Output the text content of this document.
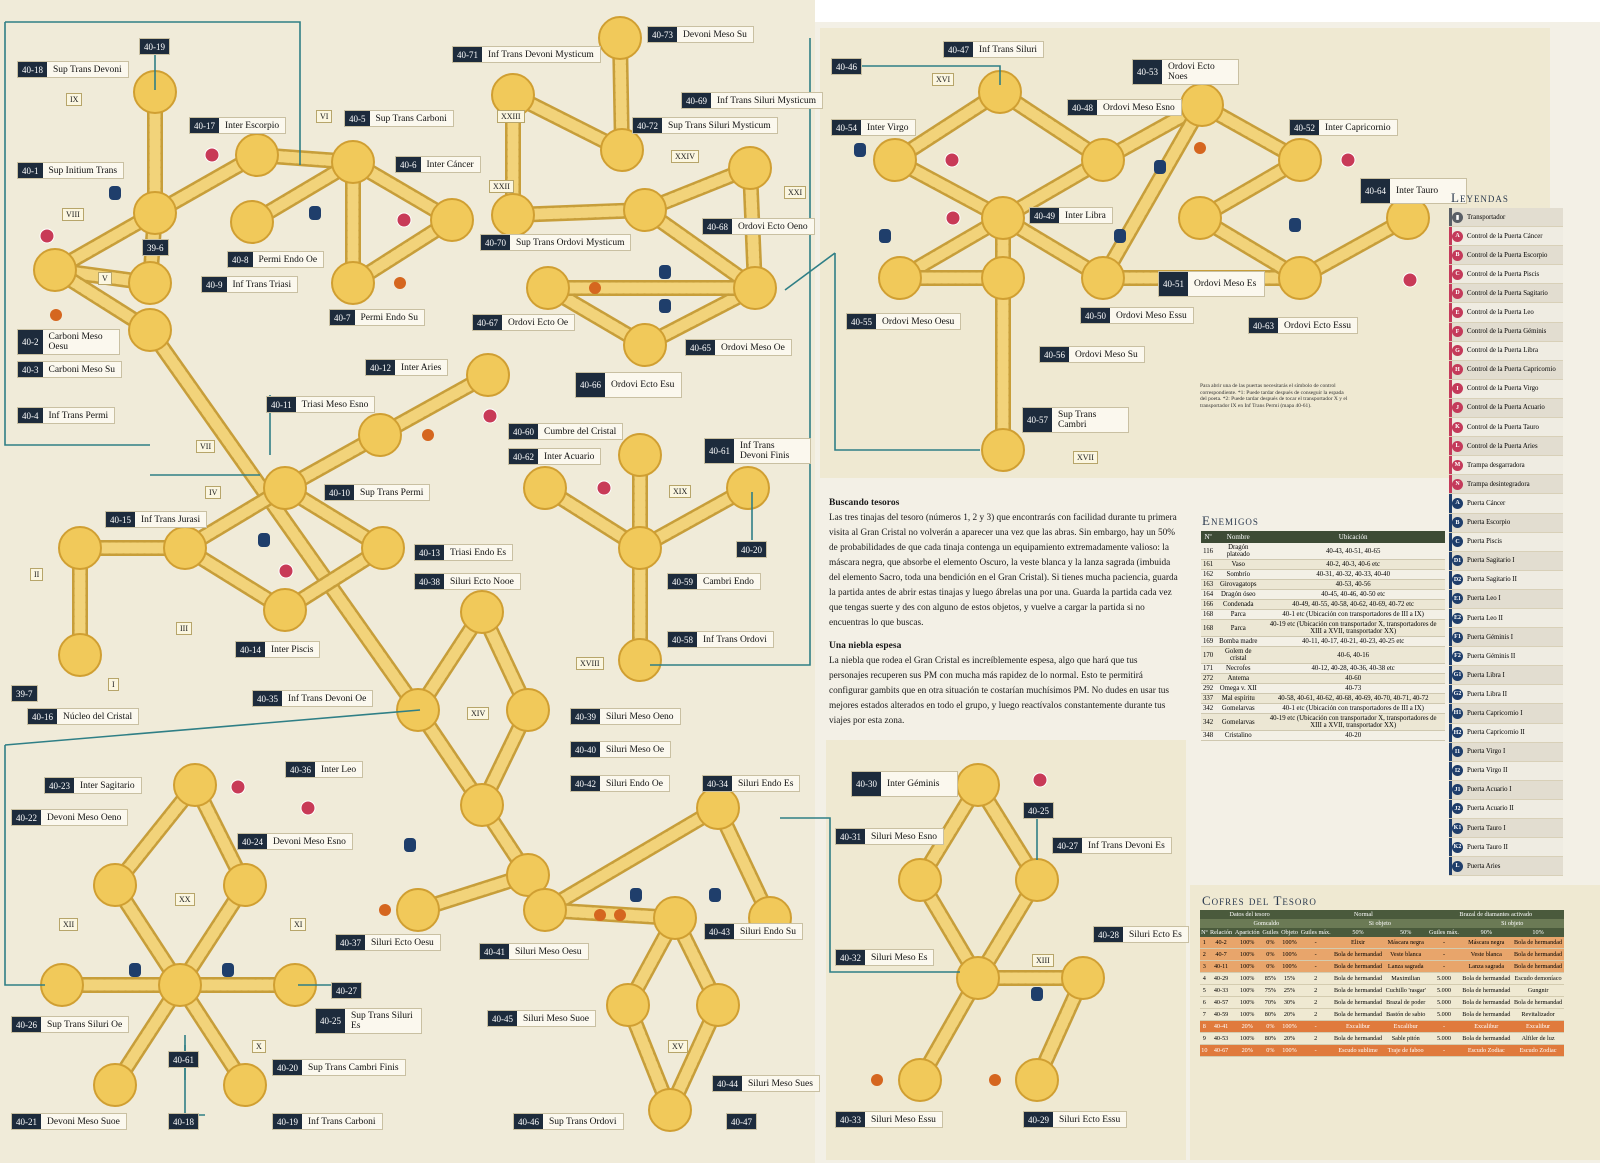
40-18	Sup Trans Devoni
40-19
40-17	Inter Escorpio
40-1	Sup Initium Trans
39-6
40-8	Permi Endo Oe
40-9	Inf Trans Triasi
40-2	Carboni Meso Oesu
40-3	Carboni Meso Su
40-4	Inf Trans Permi
40-5	Sup Trans Carboni
40-6	Inter Cáncer
40-7	Permi Endo Su
40-71	Inf Trans Devoni Mysticum
40-73	Devoni Meso Su
40-69	Inf Trans Siluri Mysticum
40-72	Sup Trans Siluri Mysticum
40-70	Sup Trans Ordovi Mysticum
40-68	Ordovi Ecto Oeno
40-67	Ordovi Ecto Oe
40-65	Ordovi Meso Oe
40-66	Ordovi Ecto Esu
40-12	Inter Aries
40-11	Triasi Meso Esno
40-10	Sup Trans Permi
40-15	Inf Trans Jurasi
40-13	Triasi Endo Es
40-38	Siluri Ecto Nooe
40-14	Inter Piscis
39-7
40-16	Núcleo del Cristal
40-60	Cumbre del Cristal
40-62	Inter Acuario
40-61	Inf Trans Devoni Finis
40-20
40-59	Cambri Endo
40-58	Inf Trans Ordovi
40-35	Inf Trans Devoni Oe
40-39	Siluri Meso Oeno
40-40	Siluri Meso Oe
40-42	Siluri Endo Oe	40-34	Siluri Endo Es
40-36	Inter Leo
40-23	Inter Sagitario
40-22	Devoni Meso Oeno
40-24	Devoni Meso Esno
40-37	Siluri Ecto Oesu
40-41	Siluri Meso Oesu
40-43	Siluri Endo Su
40-27
40-26	Sup Trans Siluri Oe	40-25	Sup Trans Siluri Es
40-61
40-20	Sup Trans Cambri Finis
40-45	Siluri Meso Suoe
40-44	Siluri Meso Sues
40-21	Devoni Meso Suoe	40-18	40-19	Inf Trans Carboni	40-46	Sup Trans Ordovi	40-47
40-47	Inf Trans Siluri
40-46
40-53	Ordovi Ecto Noes
40-54	Inter Virgo
40-48	Ordovi Meso Esno
40-52	Inter Capricornio
40-64	Inter Tauro
40-49	Inter Libra
40-51	Ordovi Meso Es
40-55	Ordovi Meso Oesu
40-50	Ordovi Meso Essu
40-63	Ordovi Ecto Essu
40-56	Ordovi Meso Su
40-57	Sup Trans Cambri
40-30	Inter Géminis
40-25
40-31	Siluri Meso Esno
40-27	Inf Trans Devoni Es
40-28	Siluri Ecto Es
40-32	Siluri Meso Es
40-33	Siluri Meso Essu	40-29	Siluri Ecto Essu
IX
VI
VIII
V
VII
IV
III
II
I
XXIII
XXIV
XXII
XXI
XIX
XVIII
XIV
XX
XII	XI
X	XV
XVI
XVII
XIII
Buscando tesoros

Las tres tinajas del tesoro (números 1, 2 y 3) que encontrarás con facilidad durante tu primera visita al Gran Cristal no volverán a aparecer una vez que las abras. Sin embargo, hay un 50% de probabilidades de que cada tinaja contenga un equipamiento extremadamente valioso: la máscara negra, que absorbe el elemento Oscuro, la veste blanca y la lanza sagrada (imbuida del elemento Sacro, toda una bendición en el Gran Cristal). Si tienes mucha paciencia, guarda la partida antes de abrir estas tinajas y luego ábrelas una por una. Guarda la partida cada vez que tengas suerte y des con alguno de estos objetos, y vuelve a cargar la partida si no encuentras lo que buscas.

Una niebla espesa

La niebla que rodea el Gran Cristal es increíblemente espesa, algo que hará que tus personajes recuperen sus PM con mucha más rapidez de lo normal. Esto te permitirá configurar gambits que en otra situación te costarían muchísimos PM. No dudes en usar tus mejores estados alterados en todo el grupo, y luego reactívalos constantemente durante tus viajes por esta zona.

Para abrir una de las puertas necesitarás el símbolo de control correspondiente. *1: Puede tardar después de conseguir la espada del poeta. *2: Puede tardar después de tocar el transportador X y el transportador IX en Inf Trans Permi (mapa 40-61).
Enemigos
Nº	Nombre	Ubicación
116	Dragón plateado	40-43, 40-51, 40-65
161	Vaso	40-2, 40-3, 40-6 etc
162	Sombrío	40-31, 40-32, 40-33, 40-40
163	Girovagatops	40-53, 40-56
164	Dragón óseo	40-45, 40-46, 40-50 etc
166	Condenada	40-49, 40-55, 40-58, 40-62, 40-69, 40-72 etc
168	Parca	40-1 etc (Ubicación con transportadores de III a IX)
168	Parca	40-19 etc (Ubicación con transportador X, transportadores de XIII a XVII, transportador XX)
169	Bomba madre	40-11, 40-17, 40-21, 40-23, 40-25 etc
170	Golem de cristal	40-6, 40-16
171	Necrofes	40-12, 40-28, 40-36, 40-38 etc
272	Antema	40-60
292	Omega v. XII	40-73
337	Mal espíritu	40-58, 40-61, 40-62, 40-68, 40-69, 40-70, 40-71, 40-72
342	Gomelarvas	40-1 etc (Ubicación con transportadores de III a IX)
342	Gomelarvas	40-19 etc (Ubicación con transportador X, transportadores de XIII a XVII, transportador XX)
348	Cristalino	40-20
Leyendas
▮	Transportador
A	Control de la Puerta Cáncer
B	Control de la Puerta Escorpio
C	Control de la Puerta Piscis
D	Control de la Puerta Sagitario
E	Control de la Puerta Leo
F	Control de la Puerta Géminis
G	Control de la Puerta Libra
H	Control de la Puerta Capricornio
I	Control de la Puerta Virgo
J	Control de la Puerta Acuario
K	Control de la Puerta Tauro
L	Control de la Puerta Aries
M Trampa desgarradora
N	Trampa desintegradora
A	Puerta Cáncer
B	Puerta Escorpio
C	Puerta Piscis
D1 Puerta Sagitario I
D2 Puerta Sagitario II
E1 Puerta Leo I
E2 Puerta Leo II
F1 Puerta Géminis I
F2 Puerta Géminis II
G1 Puerta Libra I
G2 Puerta Libra II
H1 Puerta Capricornio I
H2 Puerta Capricornio II
I1	Puerta Virgo I
I2	Puerta Virgo II
J1 Puerta Acuario I
J2 Puerta Acuario II
K1 Puerta Tauro I
K2 Puerta Tauro II
L	Puerta Aries
Cofres del Tesoro
Datos del tesoro					Normal			Brazal de diamantes activado		
		Gomcaldo				Si objeto			Si objeto	
Nº	Relación	Aparición	Guiles	Objeto	Guiles máx.	50%	50%	Guiles máx.	90%	10%
1	40-2	100%	0%	100%	-	Elixir	Máscara negra	-	Máscara negra	Bola de hermandad
2	40-7	100%	0%	100%	-	Bola de hermandad	Veste blanca	-	Veste blanca	Bola de hermandad
3	40-11	100%	0%	100%	-	Bola de hermandad	Lanza sagrada	-	Lanza sagrada	Bola de hermandad
4	40-29	100%	85%	15%	2	Bola de hermandad	Maximilian	5.000	Bola de hermandad	Escudo demoníaco
5	40-33	100%	75%	25%	2	Bola de hermandad	Cuchillo 'rasgar'	5.000	Bola de hermandad	Gungnir
6	40-57	100%	70%	30%	2	Bola de hermandad	Brazal de poder	5.000	Bola de hermandad	Bola de hermandad
7	40-59	100%	80%	20%	2	Bola de hermandad	Bastón de sabio	5.000	Bola de hermandad	Revitalizador
8	40-41	20%	0%	100%	-	Excalibur	Excalibur	-	Excalibur	Excalibur
9	40-53	100%	80%	20%	2	Bola de hermandad	Sable pitón	5.000	Bola de hermandad	Alfiler de luz
10	40-67	20%	0%	100%	-	Escudo sublime	Traje de faboo	-	Escudo Zodiac	Escudo Zodiac
